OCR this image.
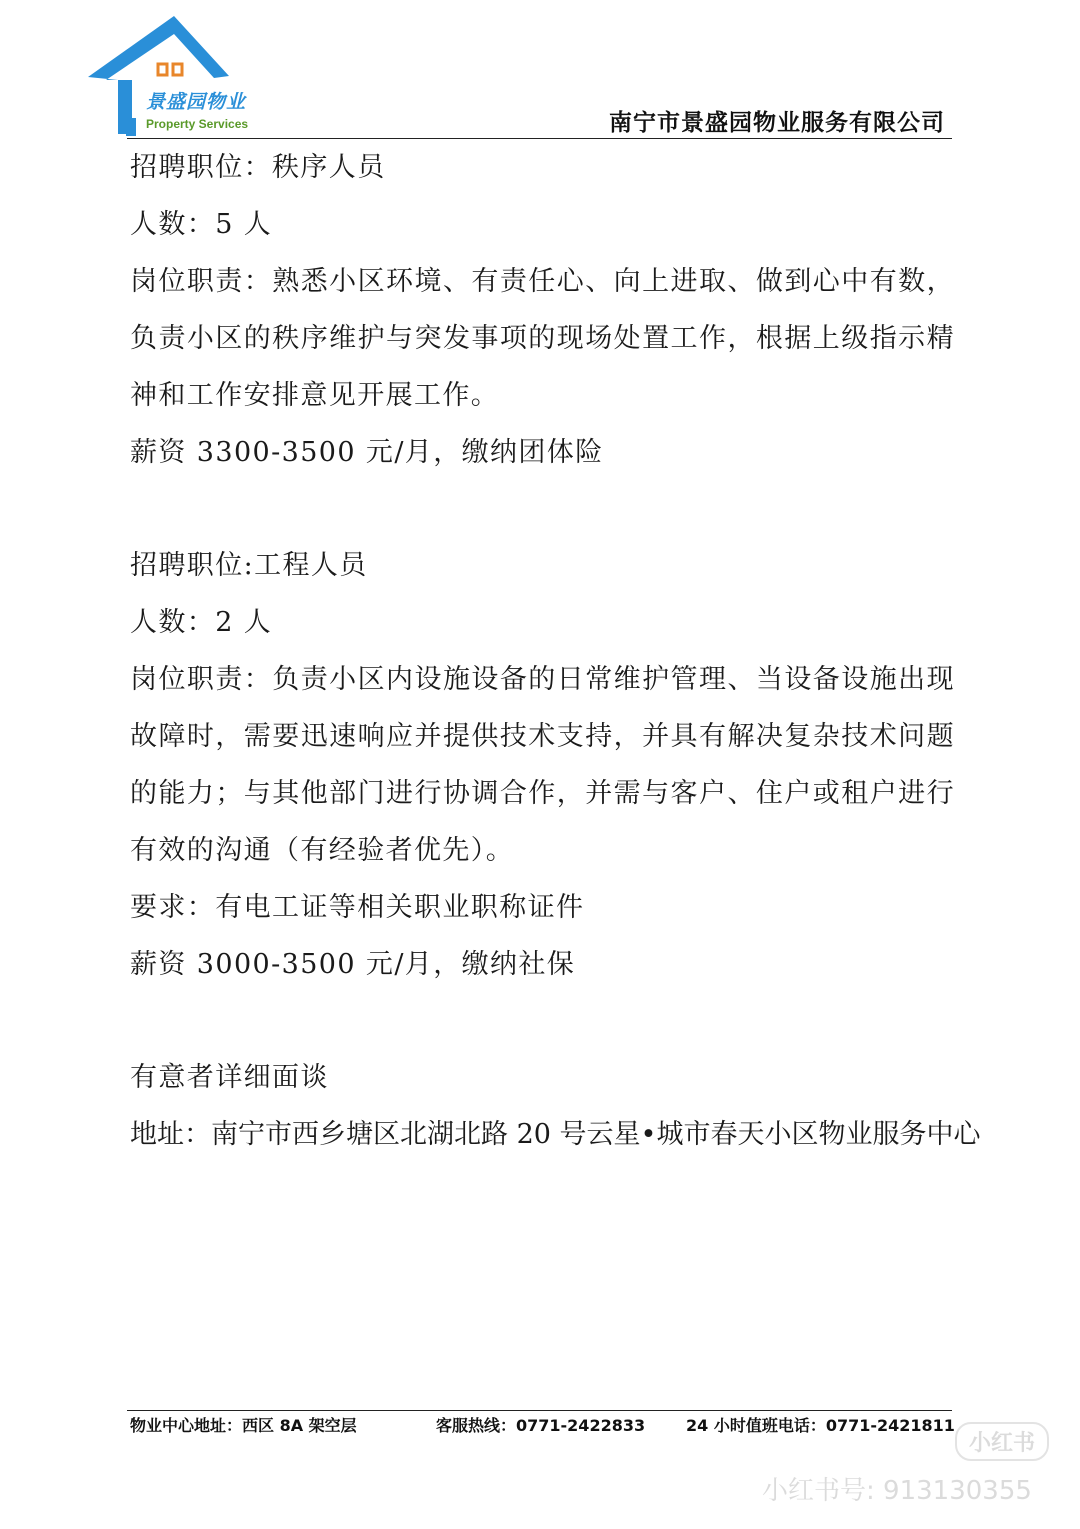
景盛园物业
Property Services	南宁市景盛园物业服务有限公司
招聘职位：秩序人员
人数：5 人
岗位职责：熟悉小区环境、有责任心、向上进取、做到心中有数，负责小区的秩序维护与突发事项的现场处置工作，根据上级指示精神和工作安排意见开展工作。
薪资 3300-3500 元/月，缴纳团体险
招聘职位:工程人员
人数：2 人
岗位职责：负责小区内设施设备的日常维护管理、当设备设施出现故障时，需要迅速响应并提供技术支持，并具有解决复杂技术问题的能力；与其他部门进行协调合作，并需与客户、住户或租户进行有效的沟通（有经验者优先）。
要求：有电工证等相关职业职称证件
薪资 3000-3500 元/月，缴纳社保
有意者详细面谈
地址：南宁市西乡塘区北湖北路 20 号云星•城市春天小区物业服务中心
物业中心地址：西区 8A 架空层	客服热线：0771-2422833	24 小时值班电话：0771-2421811
小红书
小红书号: 913130355
